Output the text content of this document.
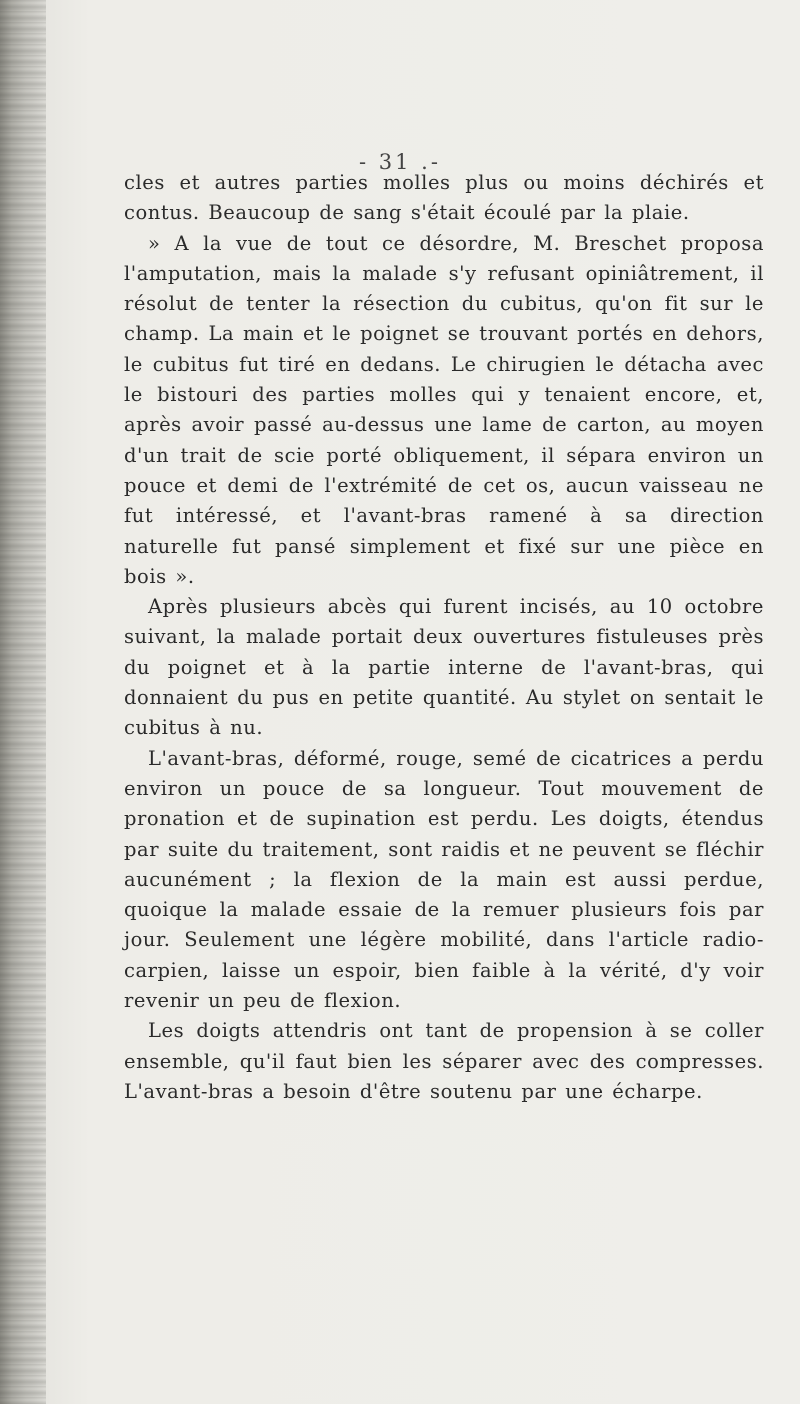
- 31 .-

cles et autres parties molles plus ou moins déchirés et contus. Beaucoup de sang s'était écoulé par la plaie.

» A la vue de tout ce désordre, M. Breschet proposa l'amputation, mais la malade s'y refusant opiniâtrement, il résolut de tenter la résection du cubitus, qu'on fit sur le champ. La main et le poignet se trouvant portés en dehors, le cubitus fut tiré en dedans. Le chirugien le détacha avec le bistouri des parties molles qui y tenaient encore, et, après avoir passé au-dessus une lame de carton, au moyen d'un trait de scie porté obliquement, il sépara environ un pouce et demi de l'extrémité de cet os, aucun vaisseau ne fut intéressé, et l'avant-bras ramené à sa direction naturelle fut pansé simplement et fixé sur une pièce en bois ».

Après plusieurs abcès qui furent incisés, au 10 octobre suivant, la malade portait deux ouvertures fistuleuses près du poignet et à la partie interne de l'avant-bras, qui donnaient du pus en petite quantité. Au stylet on sentait le cubitus à nu.

L'avant-bras, déformé, rouge, semé de cicatrices a perdu environ un pouce de sa longueur. Tout mouvement de pronation et de supination est perdu. Les doigts, étendus par suite du traitement, sont raidis et ne peuvent se fléchir aucunément ; la flexion de la main est aussi perdue, quoique la malade essaie de la remuer plusieurs fois par jour. Seulement une légère mobilité, dans l'article radio-carpien, laisse un espoir, bien faible à la vérité, d'y voir revenir un peu de flexion.

Les doigts attendris ont tant de propension à se coller ensemble, qu'il faut bien les séparer avec des compresses. L'avant-bras a besoin d'être soutenu par une écharpe.
